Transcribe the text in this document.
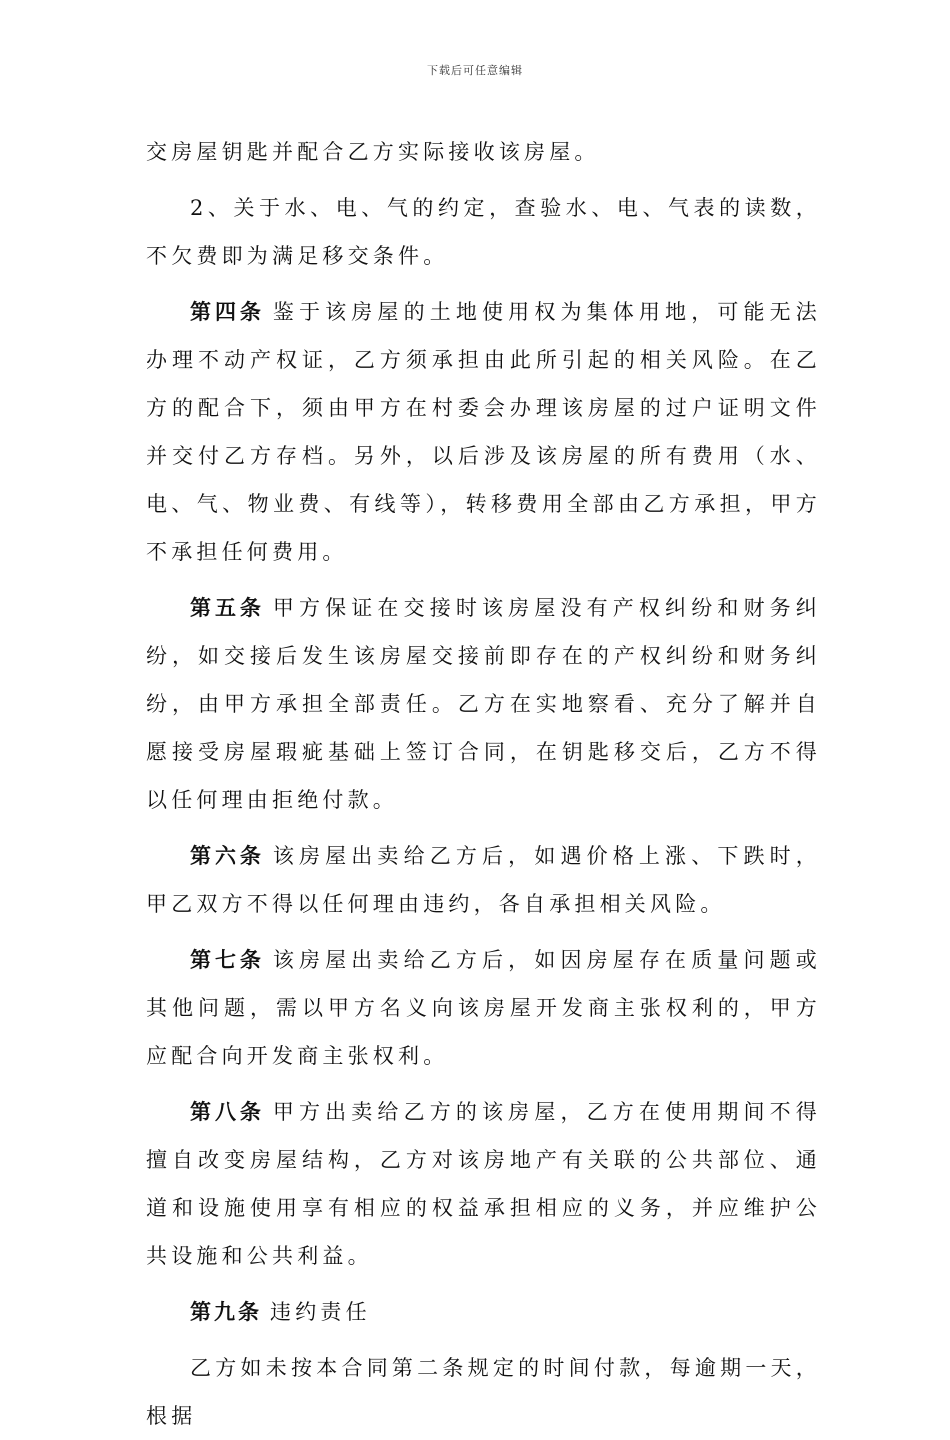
下载后可任意编辑

交房屋钥匙并配合乙方实际接收该房屋。

2、关于水、电、气的约定，查验水、电、气表的读数，不欠费即为满足移交条件。

第四条 鉴于该房屋的土地使用权为集体用地，可能无法办理不动产权证，乙方须承担由此所引起的相关风险。在乙方的配合下，须由甲方在村委会办理该房屋的过户证明文件并交付乙方存档。另外，以后涉及该房屋的所有费用（水、电、气、物业费、有线等），转移费用全部由乙方承担，甲方不承担任何费用。

第五条 甲方保证在交接时该房屋没有产权纠纷和财务纠纷，如交接后发生该房屋交接前即存在的产权纠纷和财务纠纷，由甲方承担全部责任。乙方在实地察看、充分了解并自愿接受房屋瑕疵基础上签订合同，在钥匙移交后，乙方不得以任何理由拒绝付款。

第六条 该房屋出卖给乙方后，如遇价格上涨、下跌时，甲乙双方不得以任何理由违约，各自承担相关风险。

第七条 该房屋出卖给乙方后，如因房屋存在质量问题或其他问题，需以甲方名义向该房屋开发商主张权利的，甲方应配合向开发商主张权利。

第八条 甲方出卖给乙方的该房屋，乙方在使用期间不得擅自改变房屋结构，乙方对该房地产有关联的公共部位、通道和设施使用享有相应的权益承担相应的义务，并应维护公共设施和公共利益。

第九条 违约责任

乙方如未按本合同第二条规定的时间付款，每逾期一天，根据
